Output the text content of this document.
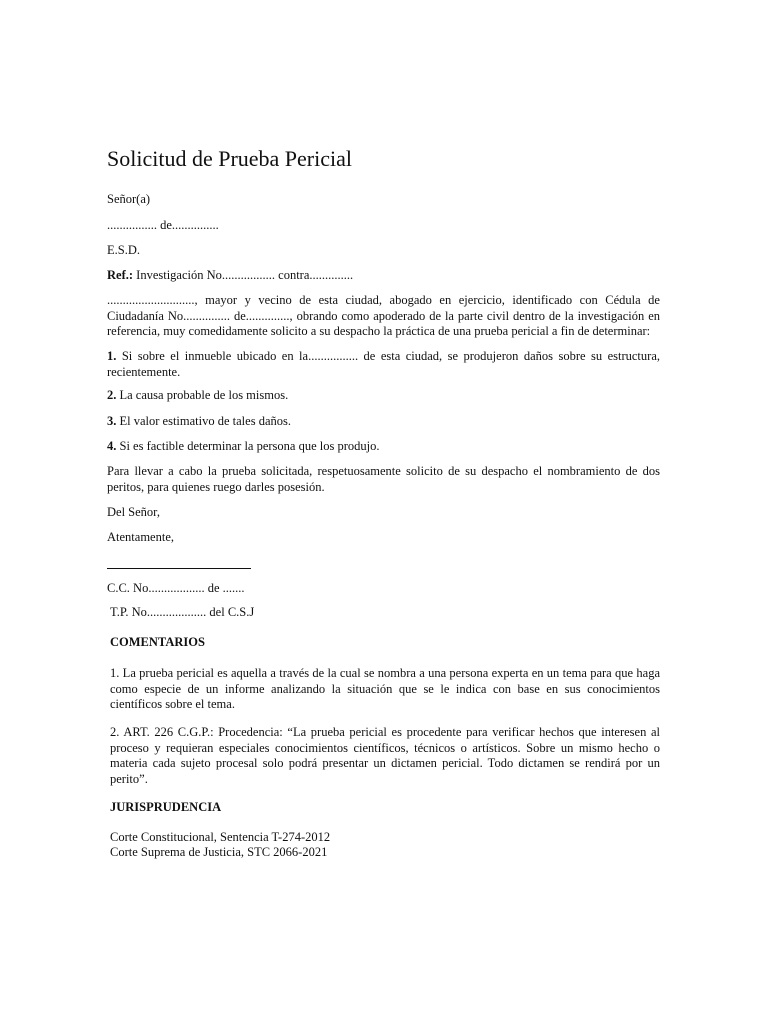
Solicitud de Prueba Pericial
Señor(a)
................ de...............
E.S.D.
Ref.: Investigación No................. contra..............
............................, mayor y vecino de esta ciudad, abogado en ejercicio, identificado con Cédula de Ciudadanía No............... de.............., obrando como apoderado de la parte civil dentro de la investigación en referencia, muy comedidamente solicito a su despacho la práctica de una prueba pericial a fin de determinar:
1. Si sobre el inmueble ubicado en la................ de esta ciudad, se produjeron daños sobre su estructura, recientemente.
2. La causa probable de los mismos.
3. El valor estimativo de tales daños.
4. Si es factible determinar la persona que los produjo.
Para llevar a cabo la prueba solicitada, respetuosamente solicito de su despacho el nombramiento de dos peritos, para quienes ruego darles posesión.
Del Señor,
Atentamente,
C.C. No.................. de .......
T.P. No................... del C.S.J
COMENTARIOS
1. La prueba pericial es aquella a través de la cual se nombra a una persona experta en un tema para que haga como especie de un informe analizando la situación que se le indica con base en sus conocimientos científicos sobre el tema.
2. ART. 226 C.G.P.: Procedencia: “La prueba pericial es procedente para verificar hechos que interesen al proceso y requieran especiales conocimientos científicos, técnicos o artísticos. Sobre un mismo hecho o materia cada sujeto procesal solo podrá presentar un dictamen pericial. Todo dictamen se rendirá por un perito”.
JURISPRUDENCIA
Corte Constitucional, Sentencia T-274-2012
Corte Suprema de Justicia, STC 2066-2021
